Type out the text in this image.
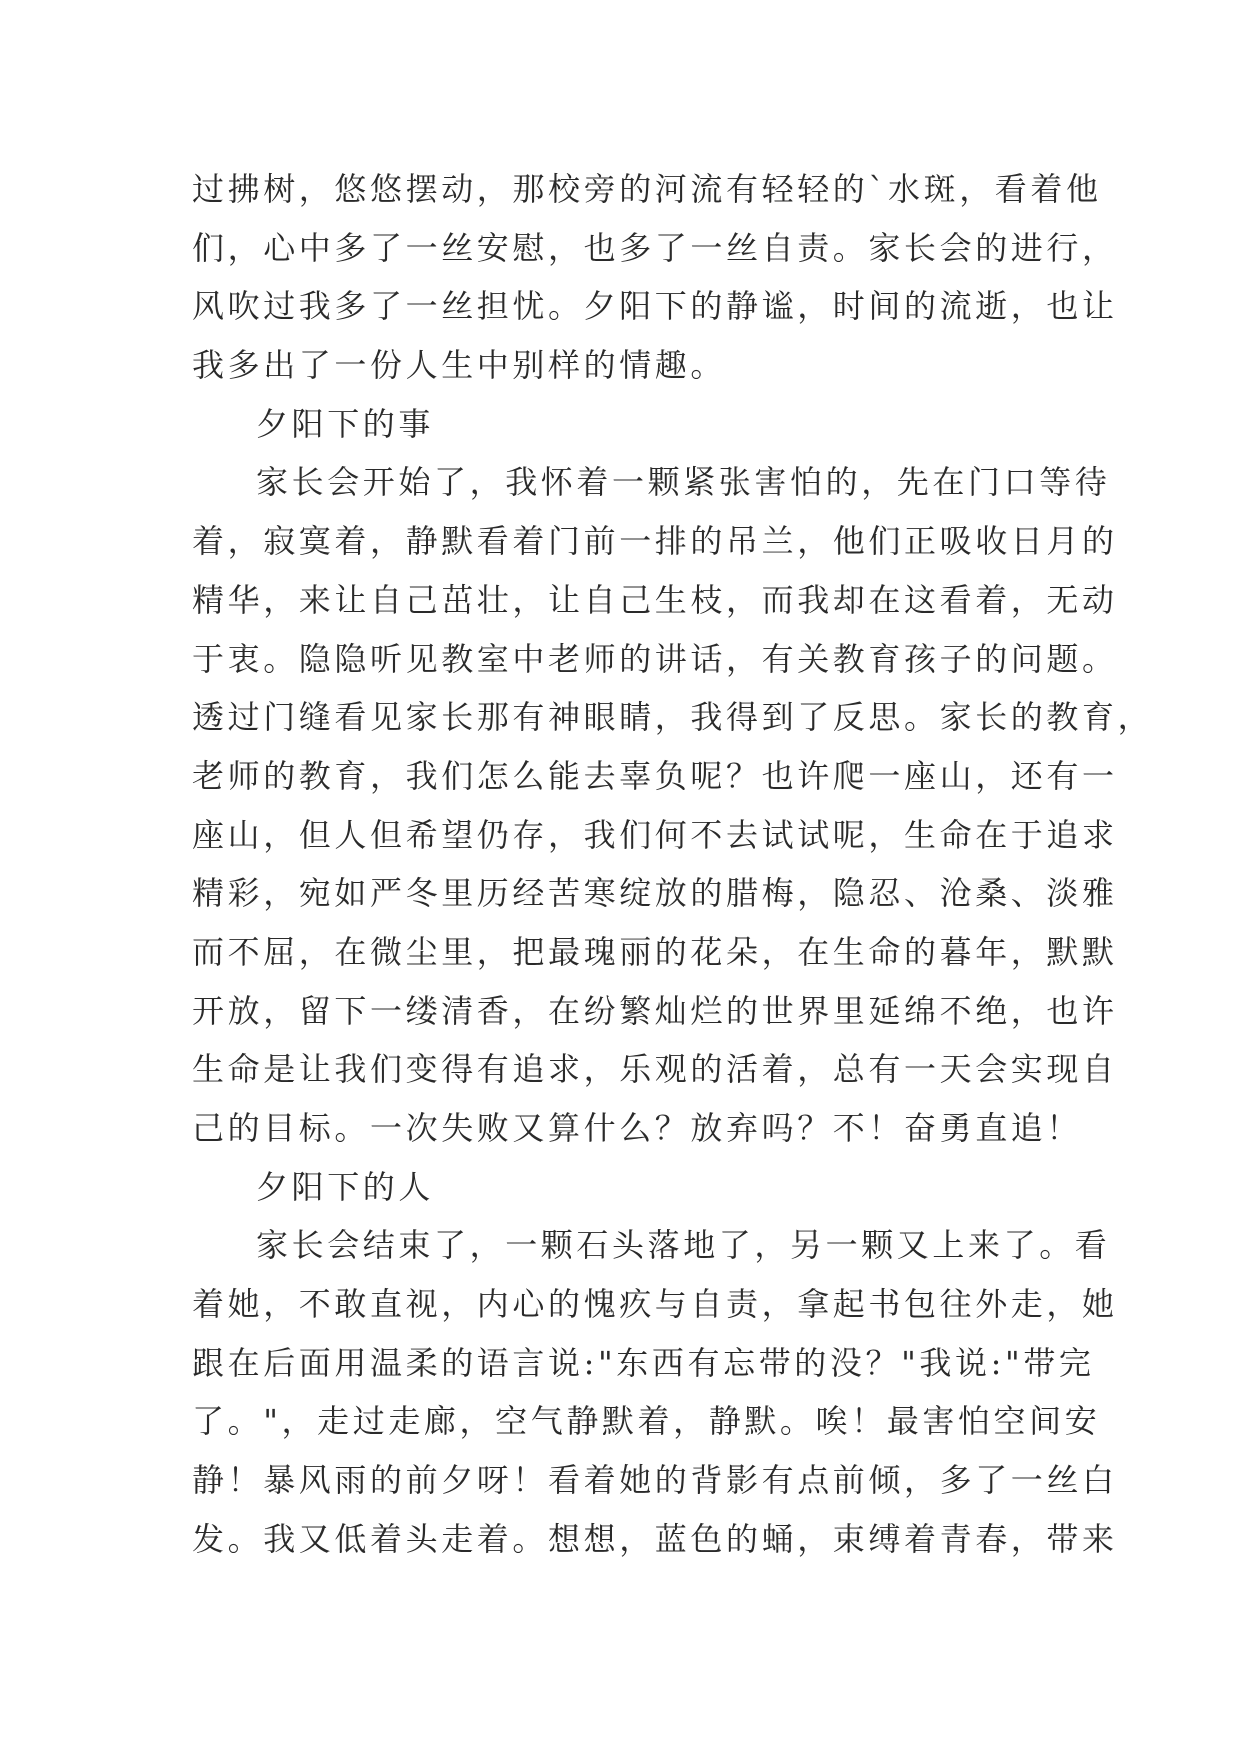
过拂树，悠悠摆动，那校旁的河流有轻轻的`水斑，看着他
们，心中多了一丝安慰，也多了一丝自责。家长会的进行，
风吹过我多了一丝担忧。夕阳下的静谧，时间的流逝，也让
我多出了一份人生中别样的情趣。
夕阳下的事
家长会开始了，我怀着一颗紧张害怕的，先在门口等待
着，寂寞着，静默看着门前一排的吊兰，他们正吸收日月的
精华，来让自己茁壮，让自己生枝，而我却在这看着，无动
于衷。隐隐听见教室中老师的讲话，有关教育孩子的问题。
透过门缝看见家长那有神眼睛，我得到了反思。家长的教育，
老师的教育，我们怎么能去辜负呢？也许爬一座山，还有一
座山，但人但希望仍存，我们何不去试试呢，生命在于追求
精彩，宛如严冬里历经苦寒绽放的腊梅，隐忍、沧桑、淡雅
而不屈，在微尘里，把最瑰丽的花朵，在生命的暮年，默默
开放，留下一缕清香，在纷繁灿烂的世界里延绵不绝，也许
生命是让我们变得有追求，乐观的活着，总有一天会实现自
己的目标。一次失败又算什么？放弃吗？不！奋勇直追！
夕阳下的人
家长会结束了，一颗石头落地了，另一颗又上来了。看
着她，不敢直视，内心的愧疚与自责，拿起书包往外走，她
跟在后面用温柔的语言说:"东西有忘带的没？"我说:"带完
了。"，走过走廊，空气静默着，静默。唉！最害怕空间安
静！暴风雨的前夕呀！看着她的背影有点前倾，多了一丝白
发。我又低着头走着。想想，蓝色的蛹，束缚着青春，带来
